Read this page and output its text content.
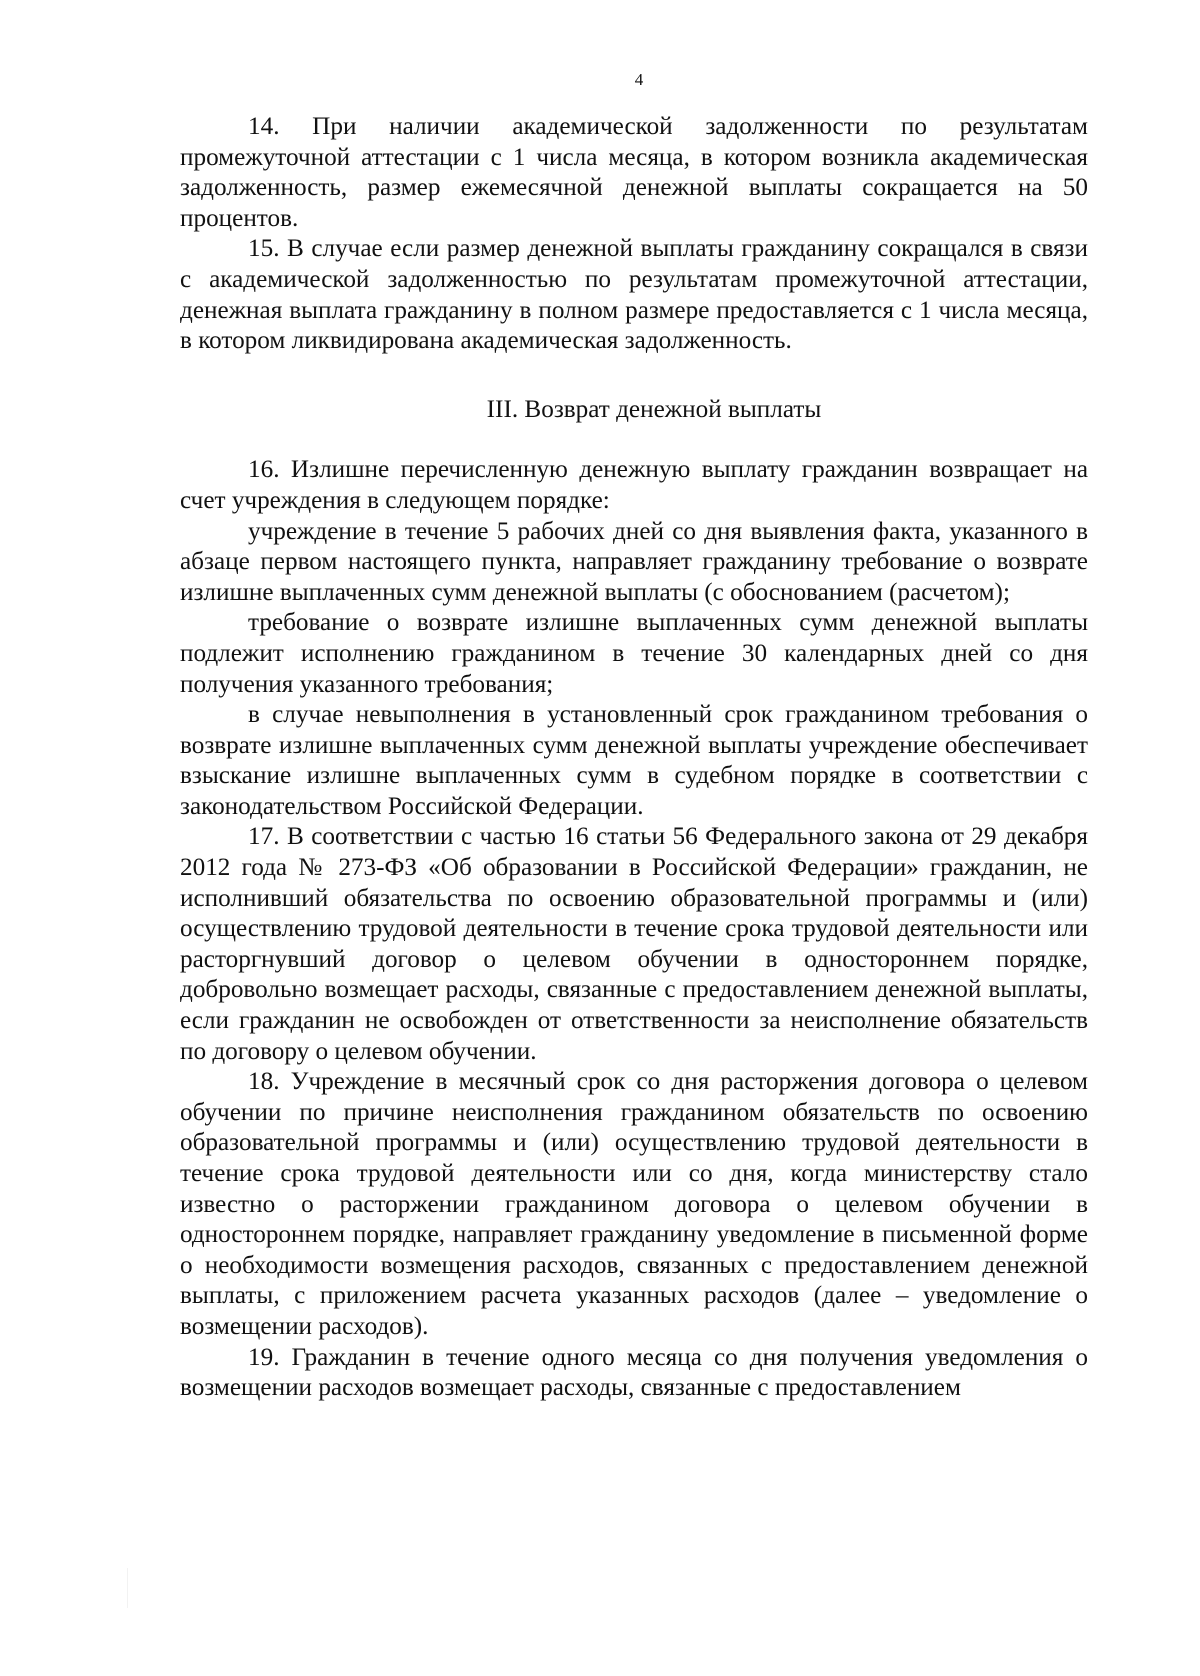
4

14. При наличии академической задолженности по результатам промежуточной аттестации с 1 числа месяца, в котором возникла академическая задолженность, размер ежемесячной денежной выплаты сокращается на 50 процентов.

15. В случае если размер денежной выплаты гражданину сокращался в связи с академической задолженностью по результатам промежуточной аттестации, денежная выплата гражданину в полном размере предоставляется с 1 числа месяца, в котором ликвидирована академическая задолженность.

III. Возврат денежной выплаты

16. Излишне перечисленную денежную выплату гражданин возвращает на счет учреждения в следующем порядке:

учреждение в течение 5 рабочих дней со дня выявления факта, указанного в абзаце первом настоящего пункта, направляет гражданину требование о возврате излишне выплаченных сумм денежной выплаты (с обоснованием (расчетом);

требование о возврате излишне выплаченных сумм денежной выплаты подлежит исполнению гражданином в течение 30 календарных дней со дня получения указанного требования;

в случае невыполнения в установленный срок гражданином требования о возврате излишне выплаченных сумм денежной выплаты учреждение обеспечивает взыскание излишне выплаченных сумм в судебном порядке в соответствии с законодательством Российской Федерации.

17. В соответствии с частью 16 статьи 56 Федерального закона от 29 декабря 2012 года № 273-ФЗ «Об образовании в Российской Федерации» гражданин, не исполнивший обязательства по освоению образовательной программы и (или) осуществлению трудовой деятельности в течение срока трудовой деятельности или расторгнувший договор о целевом обучении в одностороннем порядке, добровольно возмещает расходы, связанные с предоставлением денежной выплаты, если гражданин не освобожден от ответственности за неисполнение обязательств по договору о целевом обучении.

18. Учреждение в месячный срок со дня расторжения договора о целевом обучении по причине неисполнения гражданином обязательств по освоению образовательной программы и (или) осуществлению трудовой деятельности в течение срока трудовой деятельности или со дня, когда министерству стало известно о расторжении гражданином договора о целевом обучении в одностороннем порядке, направляет гражданину уведомление в письменной форме о необходимости возмещения расходов, связанных с предоставлением денежной выплаты, с приложением расчета указанных расходов (далее – уведомление о возмещении расходов).

19. Гражданин в течение одного месяца со дня получения уведомления о возмещении расходов возмещает расходы, связанные с предоставлением
